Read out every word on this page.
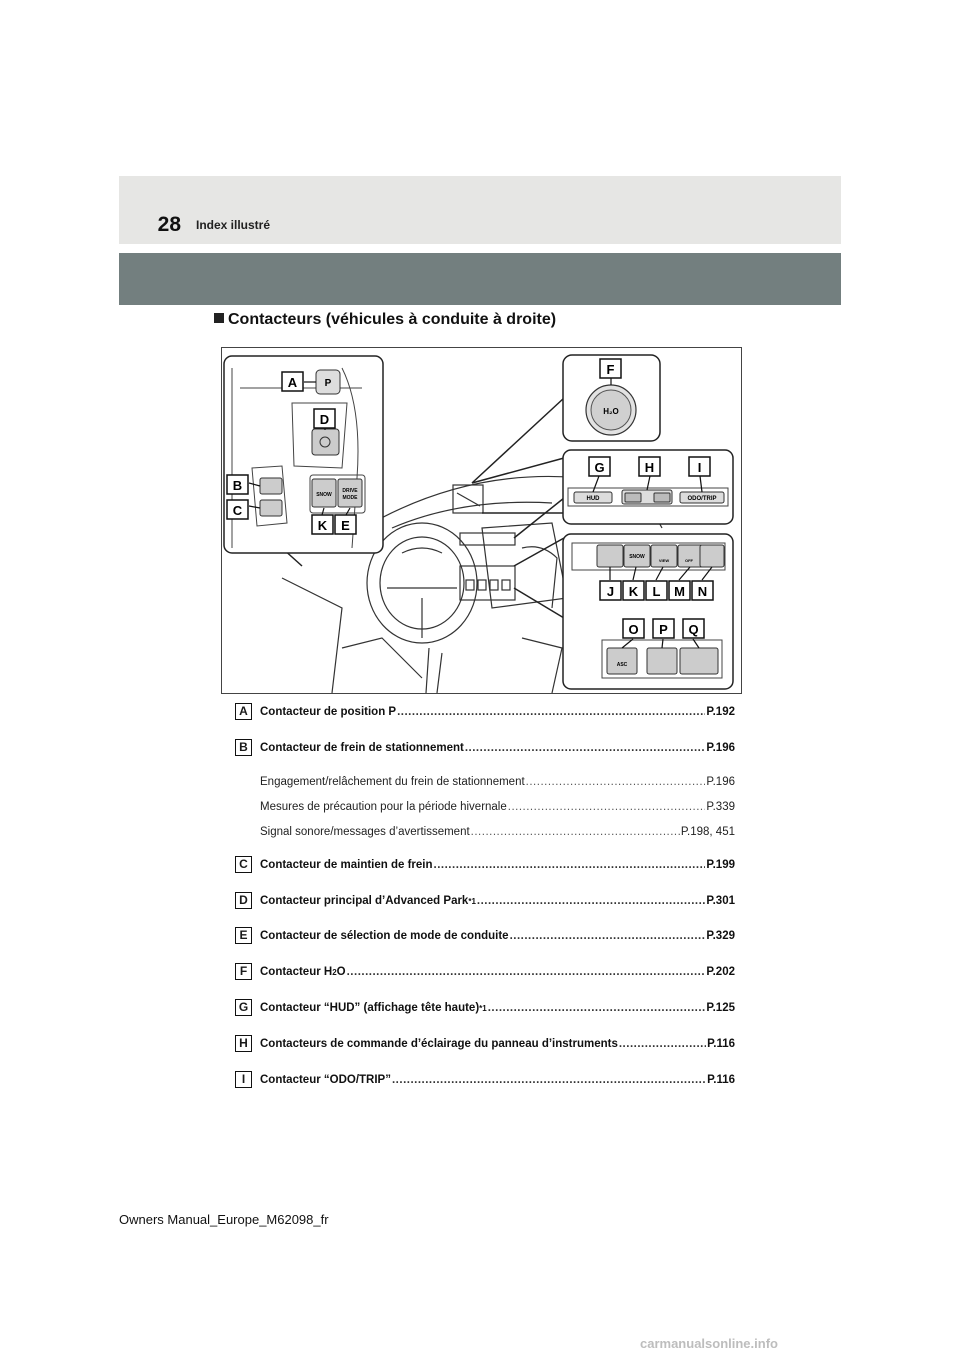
28 Index illustré
Contacteurs (véhicules à conduite à droite)
P
SNOW
DRIVE
MODE
A
D
B
C
K E
H₂O
F
HUD	ODO/TRIP
G	H	I
SNOW
VIEW	OFF
ASC
J K L M N
O P Q
A	Contacteur de position P .....	P.192
B	Contacteur de frein de stationnement .....	P.196
Engagement/relâchement du frein de stationnement .....	P.196
Mesures de précaution pour la période hivernale .....	P.339
Signal sonore/messages d’avertissement .....	P.198, 451
C	Contacteur de maintien de frein .....	P.199
D	Contacteur principal d’Advanced Park *1 .....	P.301
E	Contacteur de sélection de mode de conduite .....	P.329
F	Contacteur H 2 O .....	P.202
G	Contacteur “HUD” (affichage tête haute) *1 .....	P.125
H	Contacteurs de commande d’éclairage du panneau d’instruments .....	P.116
I	Contacteur “ODO/TRIP” .....	P.116
Owners Manual_Europe_M62098_fr
carmanualsonline.info
